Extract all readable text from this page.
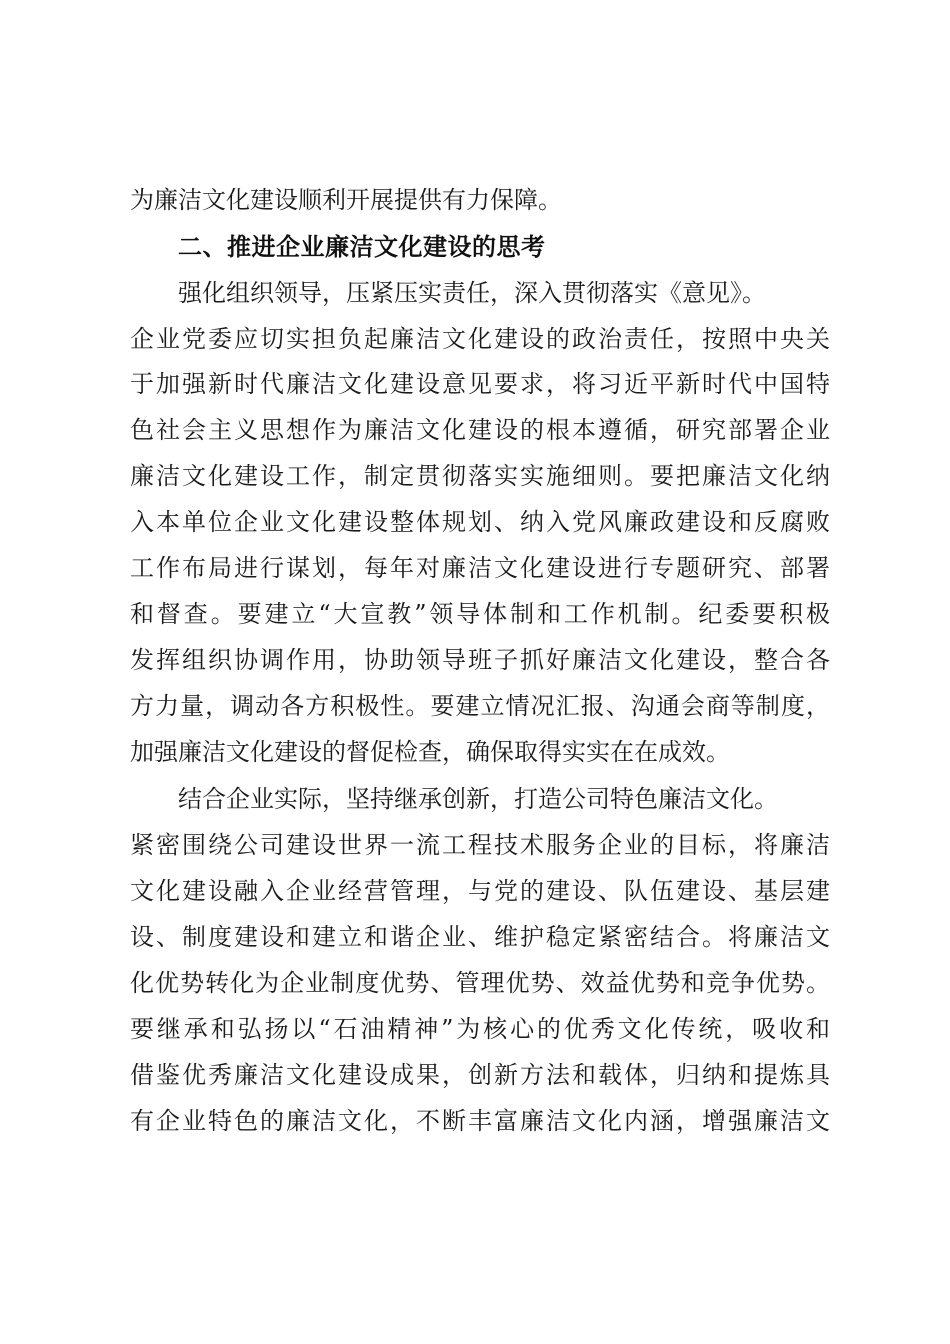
为廉洁文化建设顺利开展提供有力保障。
二、推进企业廉洁文化建设的思考
强化组织领导，压紧压实责任，深入贯彻落实《意见》。
企业党委应切实担负起廉洁文化建设的政治责任，按照中央关
于加强新时代廉洁文化建设意见要求，将习近平新时代中国特
色社会主义思想作为廉洁文化建设的根本遵循，研究部署企业
廉洁文化建设工作，制定贯彻落实实施细则。要把廉洁文化纳
入本单位企业文化建设整体规划、纳入党风廉政建设和反腐败
工作布局进行谋划，每年对廉洁文化建设进行专题研究、部署
和督查。要建立“大宣教”领导体制和工作机制。纪委要积极
发挥组织协调作用，协助领导班子抓好廉洁文化建设，整合各
方力量，调动各方积极性。要建立情况汇报、沟通会商等制度，
加强廉洁文化建设的督促检查，确保取得实实在在成效。
结合企业实际，坚持继承创新，打造公司特色廉洁文化。
紧密围绕公司建设世界一流工程技术服务企业的目标，将廉洁
文化建设融入企业经营管理，与党的建设、队伍建设、基层建
设、制度建设和建立和谐企业、维护稳定紧密结合。将廉洁文
化优势转化为企业制度优势、管理优势、效益优势和竞争优势。
要继承和弘扬以“石油精神”为核心的优秀文化传统，吸收和
借鉴优秀廉洁文化建设成果，创新方法和载体，归纳和提炼具
有企业特色的廉洁文化，不断丰富廉洁文化内涵，增强廉洁文
